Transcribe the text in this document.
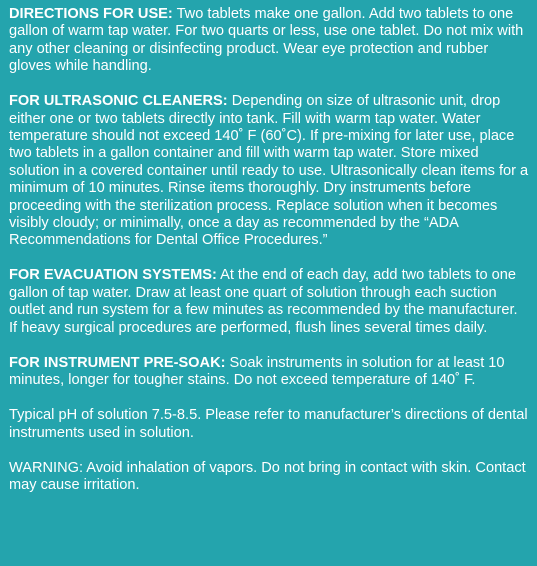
DIRECTIONS FOR USE: Two tablets make one gallon. Add two tablets to one gallon of warm tap water. For two quarts or less, use one tablet. Do not mix with any other cleaning or disinfecting product. Wear eye protection and rubber gloves while handling.

FOR ULTRASONIC CLEANERS: Depending on size of ultrasonic unit, drop either one or two tablets directly into tank. Fill with warm tap water. Water temperature should not exceed 140˚ F (60˚C). If pre-mixing for later use, place two tablets in a gallon container and fill with warm tap water. Store mixed solution in a covered container until ready to use. Ultrasonically clean items for a minimum of 10 minutes. Rinse items thoroughly. Dry instruments before proceeding with the sterilization process. Replace solution when it becomes visibly cloudy; or minimally, once a day as recommended by the “ADA Recommendations for Dental Office Procedures.”

FOR EVACUATION SYSTEMS: At the end of each day, add two tablets to one gallon of tap water. Draw at least one quart of solution through each suction outlet and run system for a few minutes as recommended by the manufacturer. If heavy surgical procedures are performed, flush lines several times daily.

FOR INSTRUMENT PRE-SOAK: Soak instruments in solution for at least 10 minutes, longer for tougher stains. Do not exceed temperature of 140˚ F.

Typical pH of solution 7.5-8.5. Please refer to manufacturer’s directions of dental instruments used in solution.

WARNING: Avoid inhalation of vapors. Do not bring in contact with skin. Contact may cause irritation.
